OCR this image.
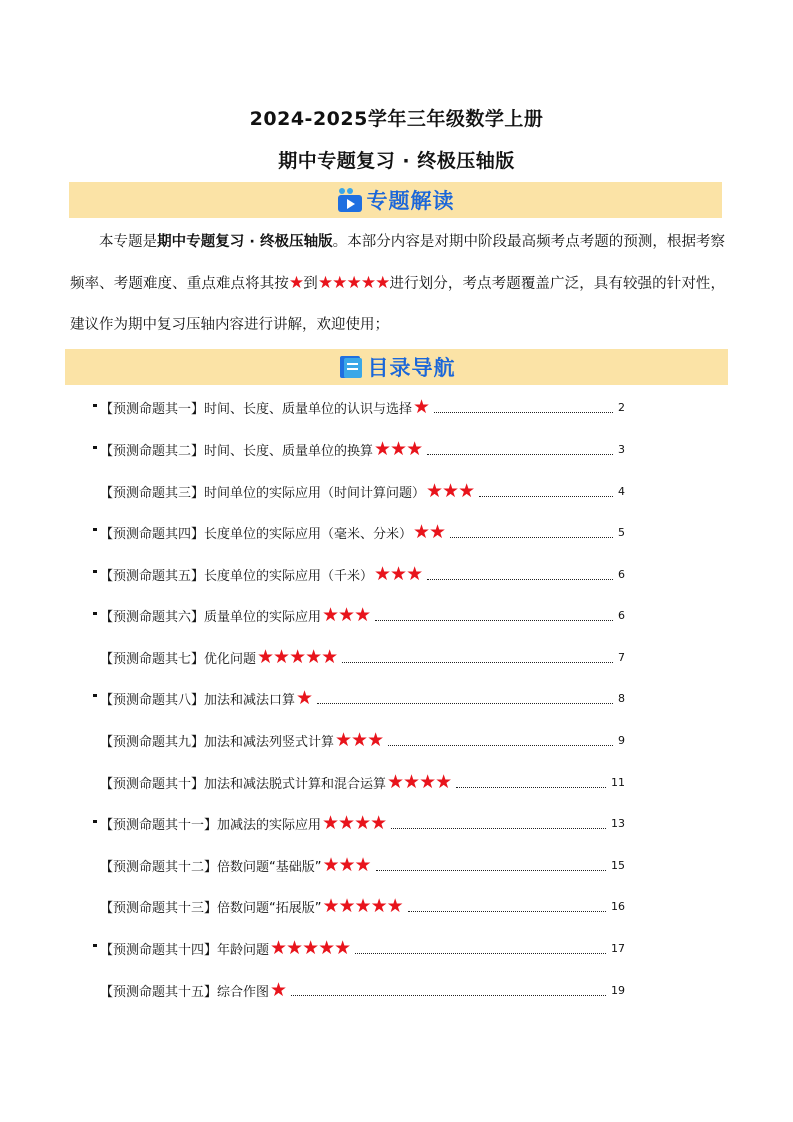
2024-2025学年三年级数学上册
期中专题复习 · 终极压轴版
专题解读
本专题是期中专题复习 · 终极压轴版。本部分内容是对期中阶段最高频考点考题的预测，根据考察频率、考题难度、重点难点将其按★到★★★★★进行划分，考点考题覆盖广泛，具有较强的针对性，建议作为期中复习压轴内容进行讲解，欢迎使用；
目录导航
【预测命题其一】时间、长度、质量单位的认识与选择 ★	2
【预测命题其二】时间、长度、质量单位的换算 ★★★	3
【预测命题其三】时间单位的实际应用（时间计算问题） ★★★	4
【预测命题其四】长度单位的实际应用（毫米、分米） ★★	5
【预测命题其五】长度单位的实际应用（千米） ★★★	6
【预测命题其六】质量单位的实际应用 ★★★	6
【预测命题其七】优化问题 ★★★★★	7
【预测命题其八】加法和减法口算 ★	8
【预测命题其九】加法和减法列竖式计算 ★★★	9
【预测命题其十】加法和减法脱式计算和混合运算 ★★★★	11
【预测命题其十一】加减法的实际应用 ★★★★	13
【预测命题其十二】倍数问题“基础版” ★★★	15
【预测命题其十三】倍数问题“拓展版” ★★★★★	16
【预测命题其十四】年龄问题 ★★★★★	17
【预测命题其十五】综合作图 ★	19
